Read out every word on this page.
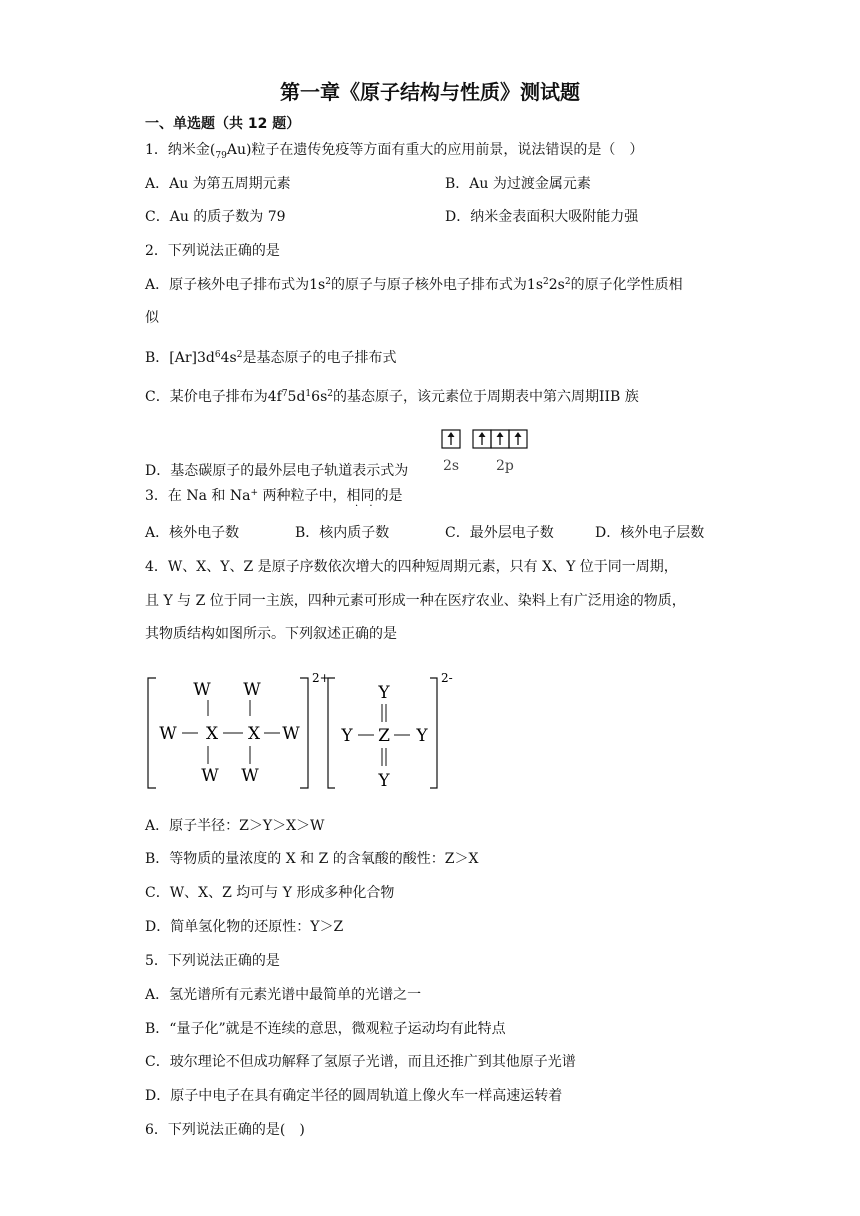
第一章《原子结构与性质》测试题
一、单选题（共 12 题）
1．纳米金$(_{79}Au)$粒子在遗传免疫等方面有重大的应用前景，说法错误的是（　）
A．Au 为第五周期元素	B．Au 为过渡金属元素
C．Au 的质子数为 79	D．纳米金表面积大吸附能力强
2．下列说法正确的是
A．原子核外电子排布式为$1s^2$的原子与原子核外电子排布式为$1s^22s^2$的原子化学性质相
似
B．$[Ar]3d^64s^2$是基态原子的电子排布式
C．某价电子排布为$4f^75d^16s^2$的基态原子，该元素位于周期表中第六周期IIB 族
D．基态碳原子的最外层电子轨道表示式为 2s	2p
3．在 Na 和 Na+ 两种粒子中，相同的是
· ·
A．核外电子数	B．核内质子数	C．最外层电子数	D．核外电子层数
4．W、X、Y、Z 是原子序数依次增大的四种短周期元素，只有 X、Y 位于同一周期，
且 Y 与 Z 位于同一主族，四种元素可形成一种在医疗农业、染料上有广泛用途的物质，
其物质结构如图所示。下列叙述正确的是
2+
W W
W X X W
W W
2-
Y
Y Z Y
Y
A．原子半径：Z＞Y＞X＞W
B．等物质的量浓度的 X 和 Z 的含氧酸的酸性：Z＞X
C．W、X、Z 均可与 Y 形成多种化合物
D．简单氢化物的还原性：Y＞Z
5．下列说法正确的是
A．氢光谱所有元素光谱中最简单的光谱之一
B．“量子化”就是不连续的意思，微观粒子运动均有此特点
C．玻尔理论不但成功解释了氢原子光谱，而且还推广到其他原子光谱
D．原子中电子在具有确定半径的圆周轨道上像火车一样高速运转着
6．下列说法正确的是(　)
